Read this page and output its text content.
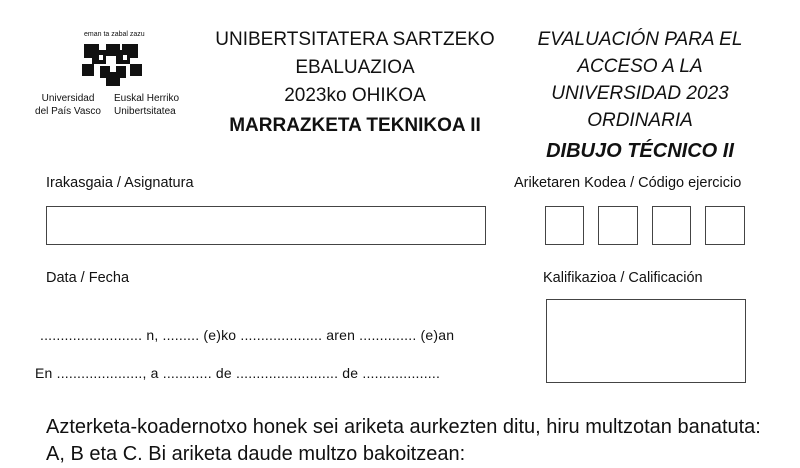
eman ta zabal zazu
Universidad
del País Vasco
Euskal Herriko
Unibertsitatea
UNIBERTSITATERA SARTZEKO
EBALUAZIOA
2023ko OHIKOA
MARRAZKETA TEKNIKOA II
EVALUACIÓN PARA EL
ACCESO A LA
UNIVERSIDAD 2023
ORDINARIA
DIBUJO TÉCNICO II
Irakasgaia / Asignatura	Ariketaren Kodea / Código ejercicio
Data / Fecha	Kalifikazioa / Calificación
......................... n, ......... (e)ko .................... aren .............. (e)an
En ....................., a ............ de ......................... de ...................
Azterketa-koadernotxo honek sei ariketa aurkezten ditu, hiru multzotan banatuta: A, B eta C. Bi ariketa daude multzo bakoitzean:
